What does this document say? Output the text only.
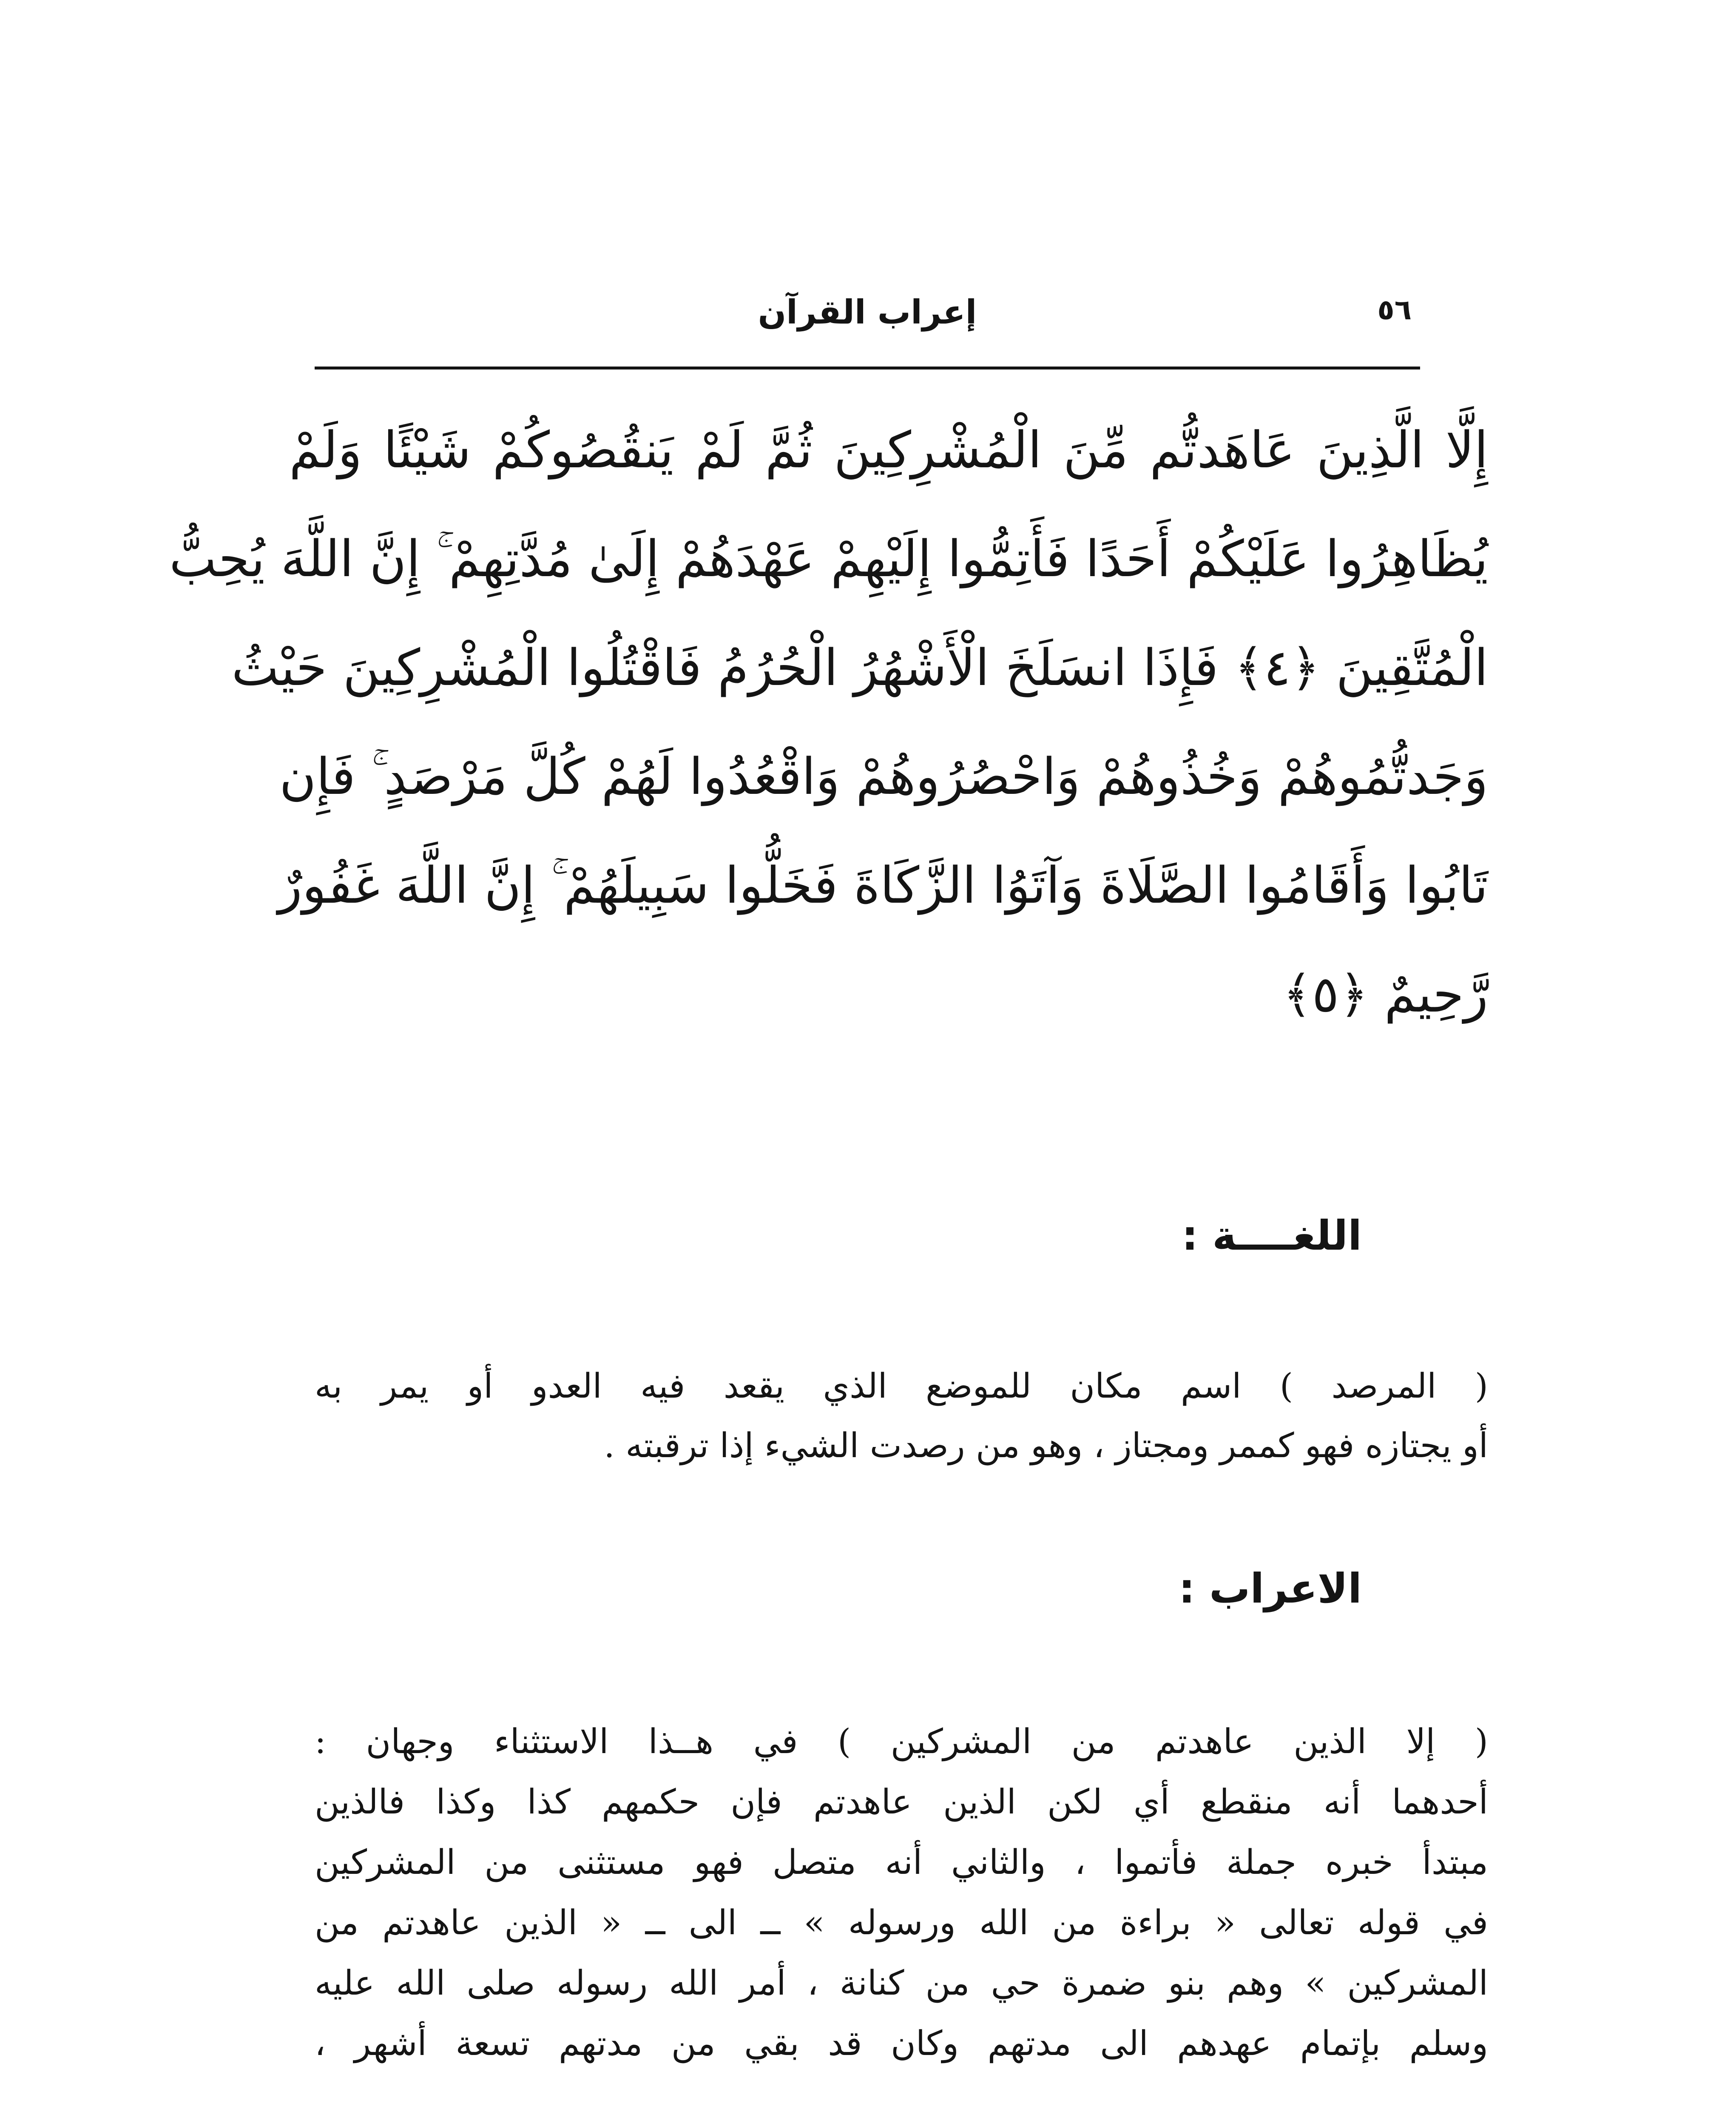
٥٦
إعراب القرآن
إِلَّا الَّذِينَ عَاهَدتُّم مِّنَ الْمُشْرِكِينَ ثُمَّ لَمْ يَنقُصُوكُمْ شَيْئًا وَلَمْ
يُظَاهِرُوا عَلَيْكُمْ أَحَدًا فَأَتِمُّوا إِلَيْهِمْ عَهْدَهُمْ إِلَىٰ مُدَّتِهِمْ ۚ إِنَّ اللَّهَ يُحِبُّ
الْمُتَّقِينَ ﴿٤﴾ فَإِذَا انسَلَخَ الْأَشْهُرُ الْحُرُمُ فَاقْتُلُوا الْمُشْرِكِينَ حَيْثُ
وَجَدتُّمُوهُمْ وَخُذُوهُمْ وَاحْصُرُوهُمْ وَاقْعُدُوا لَهُمْ كُلَّ مَرْصَدٍ ۚ فَإِن
تَابُوا وَأَقَامُوا الصَّلَاةَ وَآتَوُا الزَّكَاةَ فَخَلُّوا سَبِيلَهُمْ ۚ إِنَّ اللَّهَ غَفُورٌ
رَّحِيمٌ ﴿٥﴾
اللغــــة :
( المرصد ) اسم مكان للموضع الذي يقعد فيه العدو أو يمر به
أو يجتازه فهو كممر ومجتاز ، وهو من رصدت الشيء إذا ترقبته .
الاعراب :
( إلا الذين عاهدتم من المشركين ) في هــذا الاستثناء وجهان :
أحدهما أنه منقطع أي لكن الذين عاهدتم فإن حكمهم كذا وكذا فالذين
مبتدأ خبره جملة فأتموا ، والثاني أنه متصل فهو مستثنى من المشركين
في قوله تعالى « براءة من الله ورسوله » ــ الى ــ « الذين عاهدتم من
المشركين » وهم بنو ضمرة حي من كنانة ، أمر الله رسوله صلى الله عليه
وسلم بإتمام عهدهم الى مدتهم وكان قد بقي من مدتهم تسعة أشهر ،
